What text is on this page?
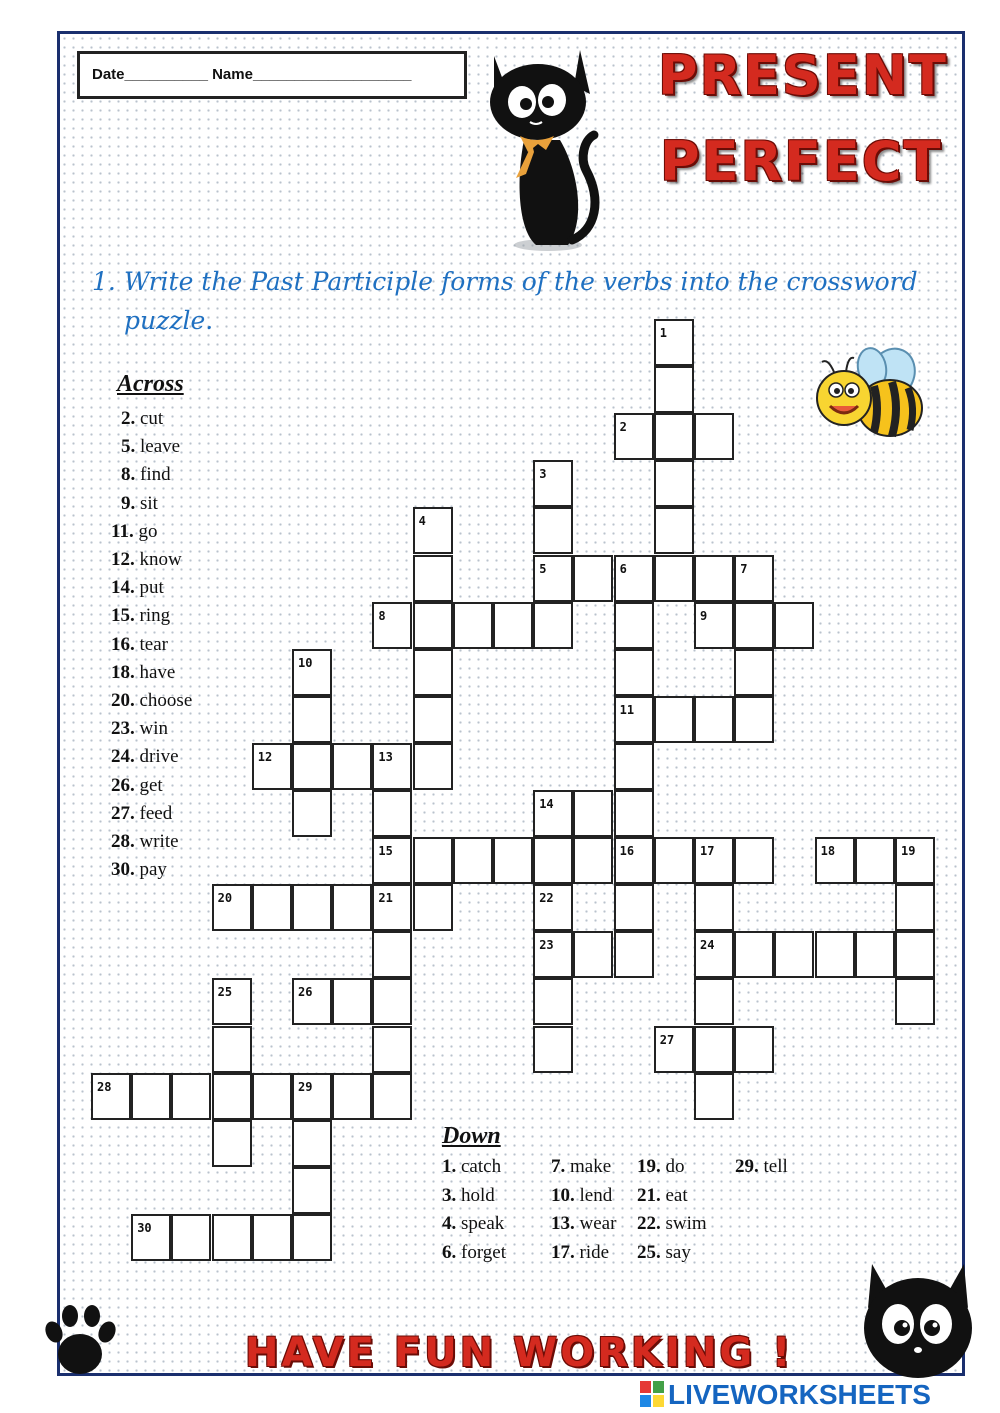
Date__________ Name___________________	PRESENT
PERFECT
1. Write the Past Participle forms of the verbs into the crossword
puzzle.
Across
2. cut
5. leave
8. find
9. sit
11. go
12. know
14. put
15. ring
16. tear
18. have
20. choose
23. win
24. drive
26. get
27. feed
28. write
30. pay
1
2
3
5	6	7
4
8
11
16
9
10
12	13
15
14
17	18	19
20	21	22
23	24
27
25	26
28	29
30
Down
1. catch
3. hold
4. speak
6. forget
7. make
10. lend
13. wear
17. ride
19. do
21. eat
22. swim
25. say
29. tell
HAVE FUN WORKING !
LIVEWORKSHEETS
